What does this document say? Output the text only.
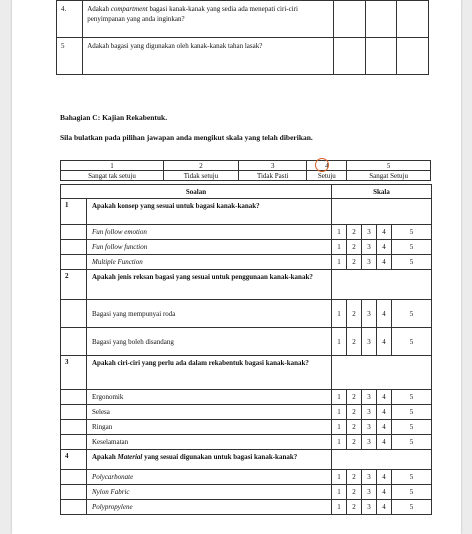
4.	Adakah compartment bagasi kanak-kanak yang sedia ada menepati ciri-ciri penyimpanan yang anda inginkan?			
5	Adakah bagasi yang digunakan oleh kanak-kanak tahan lasak?			
Bahagian C: Kajian Rekabentuk.
Sila bulatkan pada pilihan jawapan anda mengikut skala yang telah diberikan.
1	2	3	4	5
Sangat tak setuju	Tidak setuju	Tidak Pasti	Setuju	Sangat Setuju
Soalan		Skala				
1	Apakah konsep yang sesuai untuk bagasi kanak-kanak?					
	Fun follow emotion	1	2	3	4	5
	Fun follow function	1	2	3	4	5
	Multiple Function	1	2	3	4	5
2	Apakah jenis reksan bagasi yang sesuai untuk penggunaan kanak-kanak?					
	Bagasi yang mempunyai roda	1	2	3	4	5
	Bagasi yang boleh disandang	1	2	3	4	5
3	Apakah ciri-ciri yang perlu ada dalam rekabentuk bagasi kanak-kanak?					
	Ergonomik	1	2	3	4	5
	Selesa	1	2	3	4	5
	Ringan	1	2	3	4	5
	Keselamatan	1	2	3	4	5
4	Apakah Material yang sesuai digunakan untuk bagasi kanak-kanak?					
	Polycarbonate	1	2	3	4	5
	Nylon Fabric	1	2	3	4	5
	Polypropylene	1	2	3	4	5
